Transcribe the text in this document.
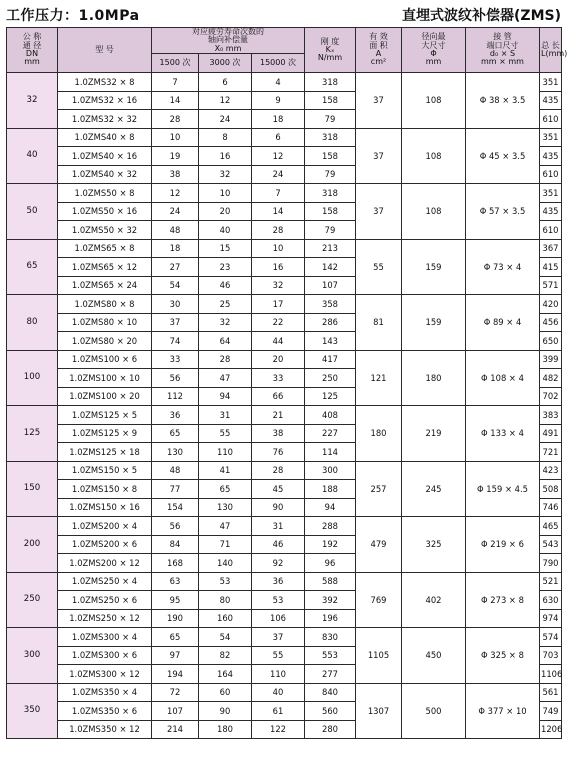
工作压力：1.0MPa	直埋式波纹补偿器(ZMS)
公 称
通 径
DN
mm	型 号	对应疲劳寿命次数的
轴向补偿量
X₀ mm			刚 度
Kₓ
N/mm	有 效
面 积
A
cm²	径向最
大尺寸
Φ
mm	接 管
端口尺寸
d₀ × S
mm × mm	总 长
L(mm)

		1500 次	3000 次	15000 次					
32	1.0ZMS32 × 8	7	6	4	318	37	108	Φ 38 × 3.5	351
	1.0ZMS32 × 16	14	12	9	158				435
	1.0ZMS32 × 32	28	24	18	79				610
40	1.0ZMS40 × 8	10	8	6	318	37	108	Φ 45 × 3.5	351
	1.0ZMS40 × 16	19	16	12	158				435
	1.0ZMS40 × 32	38	32	24	79				610
50	1.0ZMS50 × 8	12	10	7	318	37	108	Φ 57 × 3.5	351
	1.0ZMS50 × 16	24	20	14	158				435
	1.0ZMS50 × 32	48	40	28	79				610
65	1.0ZMS65 × 8	18	15	10	213	55	159	Φ 73 × 4	367
	1.0ZMS65 × 12	27	23	16	142				415
	1.0ZMS65 × 24	54	46	32	107				571
80	1.0ZMS80 × 8	30	25	17	358	81	159	Φ 89 × 4	420
	1.0ZMS80 × 10	37	32	22	286				456
	1.0ZMS80 × 20	74	64	44	143				650
100	1.0ZMS100 × 6	33	28	20	417	121	180	Φ 108 × 4	399
	1.0ZMS100 × 10	56	47	33	250				482
	1.0ZMS100 × 20	112	94	66	125				702
125	1.0ZMS125 × 5	36	31	21	408	180	219	Φ 133 × 4	383
	1.0ZMS125 × 9	65	55	38	227				491
	1.0ZMS125 × 18	130	110	76	114				721
150	1.0ZMS150 × 5	48	41	28	300	257	245	Φ 159 × 4.5	423
	1.0ZMS150 × 8	77	65	45	188				508
	1.0ZMS150 × 16	154	130	90	94				746
200	1.0ZMS200 × 4	56	47	31	288	479	325	Φ 219 × 6	465
	1.0ZMS200 × 6	84	71	46	192				543
	1.0ZMS200 × 12	168	140	92	96				790
250	1.0ZMS250 × 4	63	53	36	588	769	402	Φ 273 × 8	521
	1.0ZMS250 × 6	95	80	53	392				630
	1.0ZMS250 × 12	190	160	106	196				974
300	1.0ZMS300 × 4	65	54	37	830	1105	450	Φ 325 × 8	574
	1.0ZMS300 × 6	97	82	55	553				703
	1.0ZMS300 × 12	194	164	110	277				1106
350	1.0ZMS350 × 4	72	60	40	840	1307	500	Φ 377 × 10	561
	1.0ZMS350 × 6	107	90	61	560				749
	1.0ZMS350 × 12	214	180	122	280				1206
